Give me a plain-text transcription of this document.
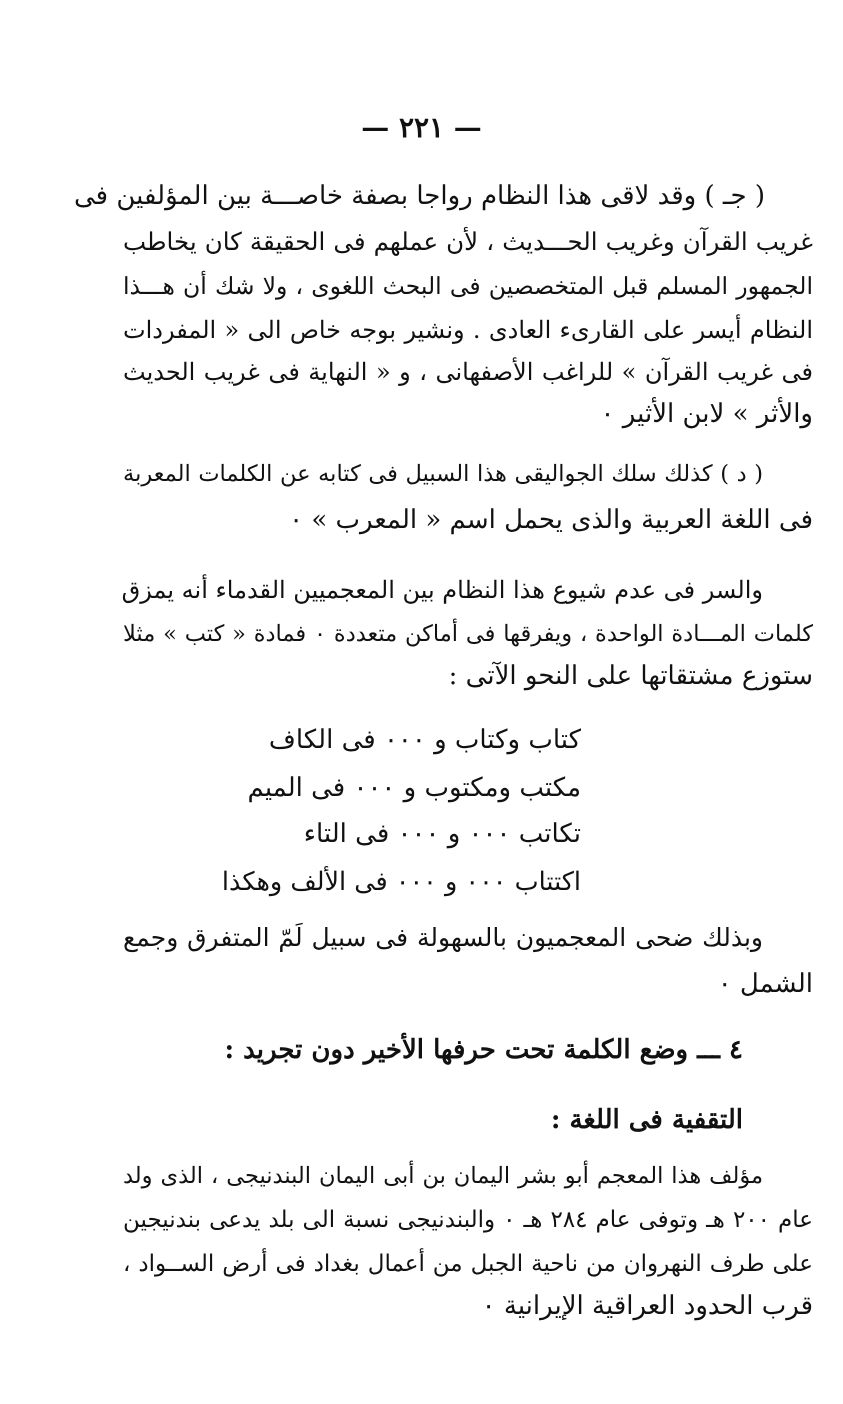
— ٢٢١ —
( جـ ) وقد لاقى هذا النظام رواجا بصفة خاصـــة بين المؤلفين فى
غريب القرآن وغريب الحـــديث ، لأن عملهم فى الحقيقة كان يخاطب
الجمهور المسلم قبل المتخصصين فى البحث اللغوى ، ولا شك أن هـــذا
النظام أيسر على القارىء العادى . ونشير بوجه خاص الى « المفردات
فى غريب القرآن » للراغب الأصفهانى ، و « النهاية فى غريب الحديث
والأثر » لابن الأثير ٠
( د ) كذلك سلك الجواليقى هذا السبيل فى كتابه عن الكلمات المعربة
فى اللغة العربية والذى يحمل اسم « المعرب » ٠
والسر فى عدم شيوع هذا النظام بين المعجميين القدماء أنه يمزق
كلمات المـــادة الواحدة ، ويفرقها فى أماكن متعددة ٠ فمادة « كتب » مثلا
ستوزع مشتقاتها على النحو الآتى :
كتاب وكتاب و ٠٠٠ فى الكاف
مكتب ومكتوب و ٠٠٠ فى الميم
تكاتب ٠٠٠ و ٠٠٠ فى التاء
اكتتاب ٠٠٠ و ٠٠٠ فى الألف وهكذا
وبذلك ضحى المعجميون بالسهولة فى سبيل لَمّ المتفرق وجمع
الشمل ٠
٤ ـــ وضع الكلمة تحت حرفها الأخير دون تجريد :
التقفية فى اللغة :
مؤلف هذا المعجم أبو بشر اليمان بن أبى اليمان البندنيجى ، الذى ولد
عام ٢٠٠ هـ وتوفى عام ٢٨٤ هـ ٠ والبندنيجى نسبة الى بلد يدعى بندنيجين
على طرف النهروان من ناحية الجبل من أعمال بغداد فى أرض الســواد ،
قرب الحدود العراقية الإيرانية ٠
